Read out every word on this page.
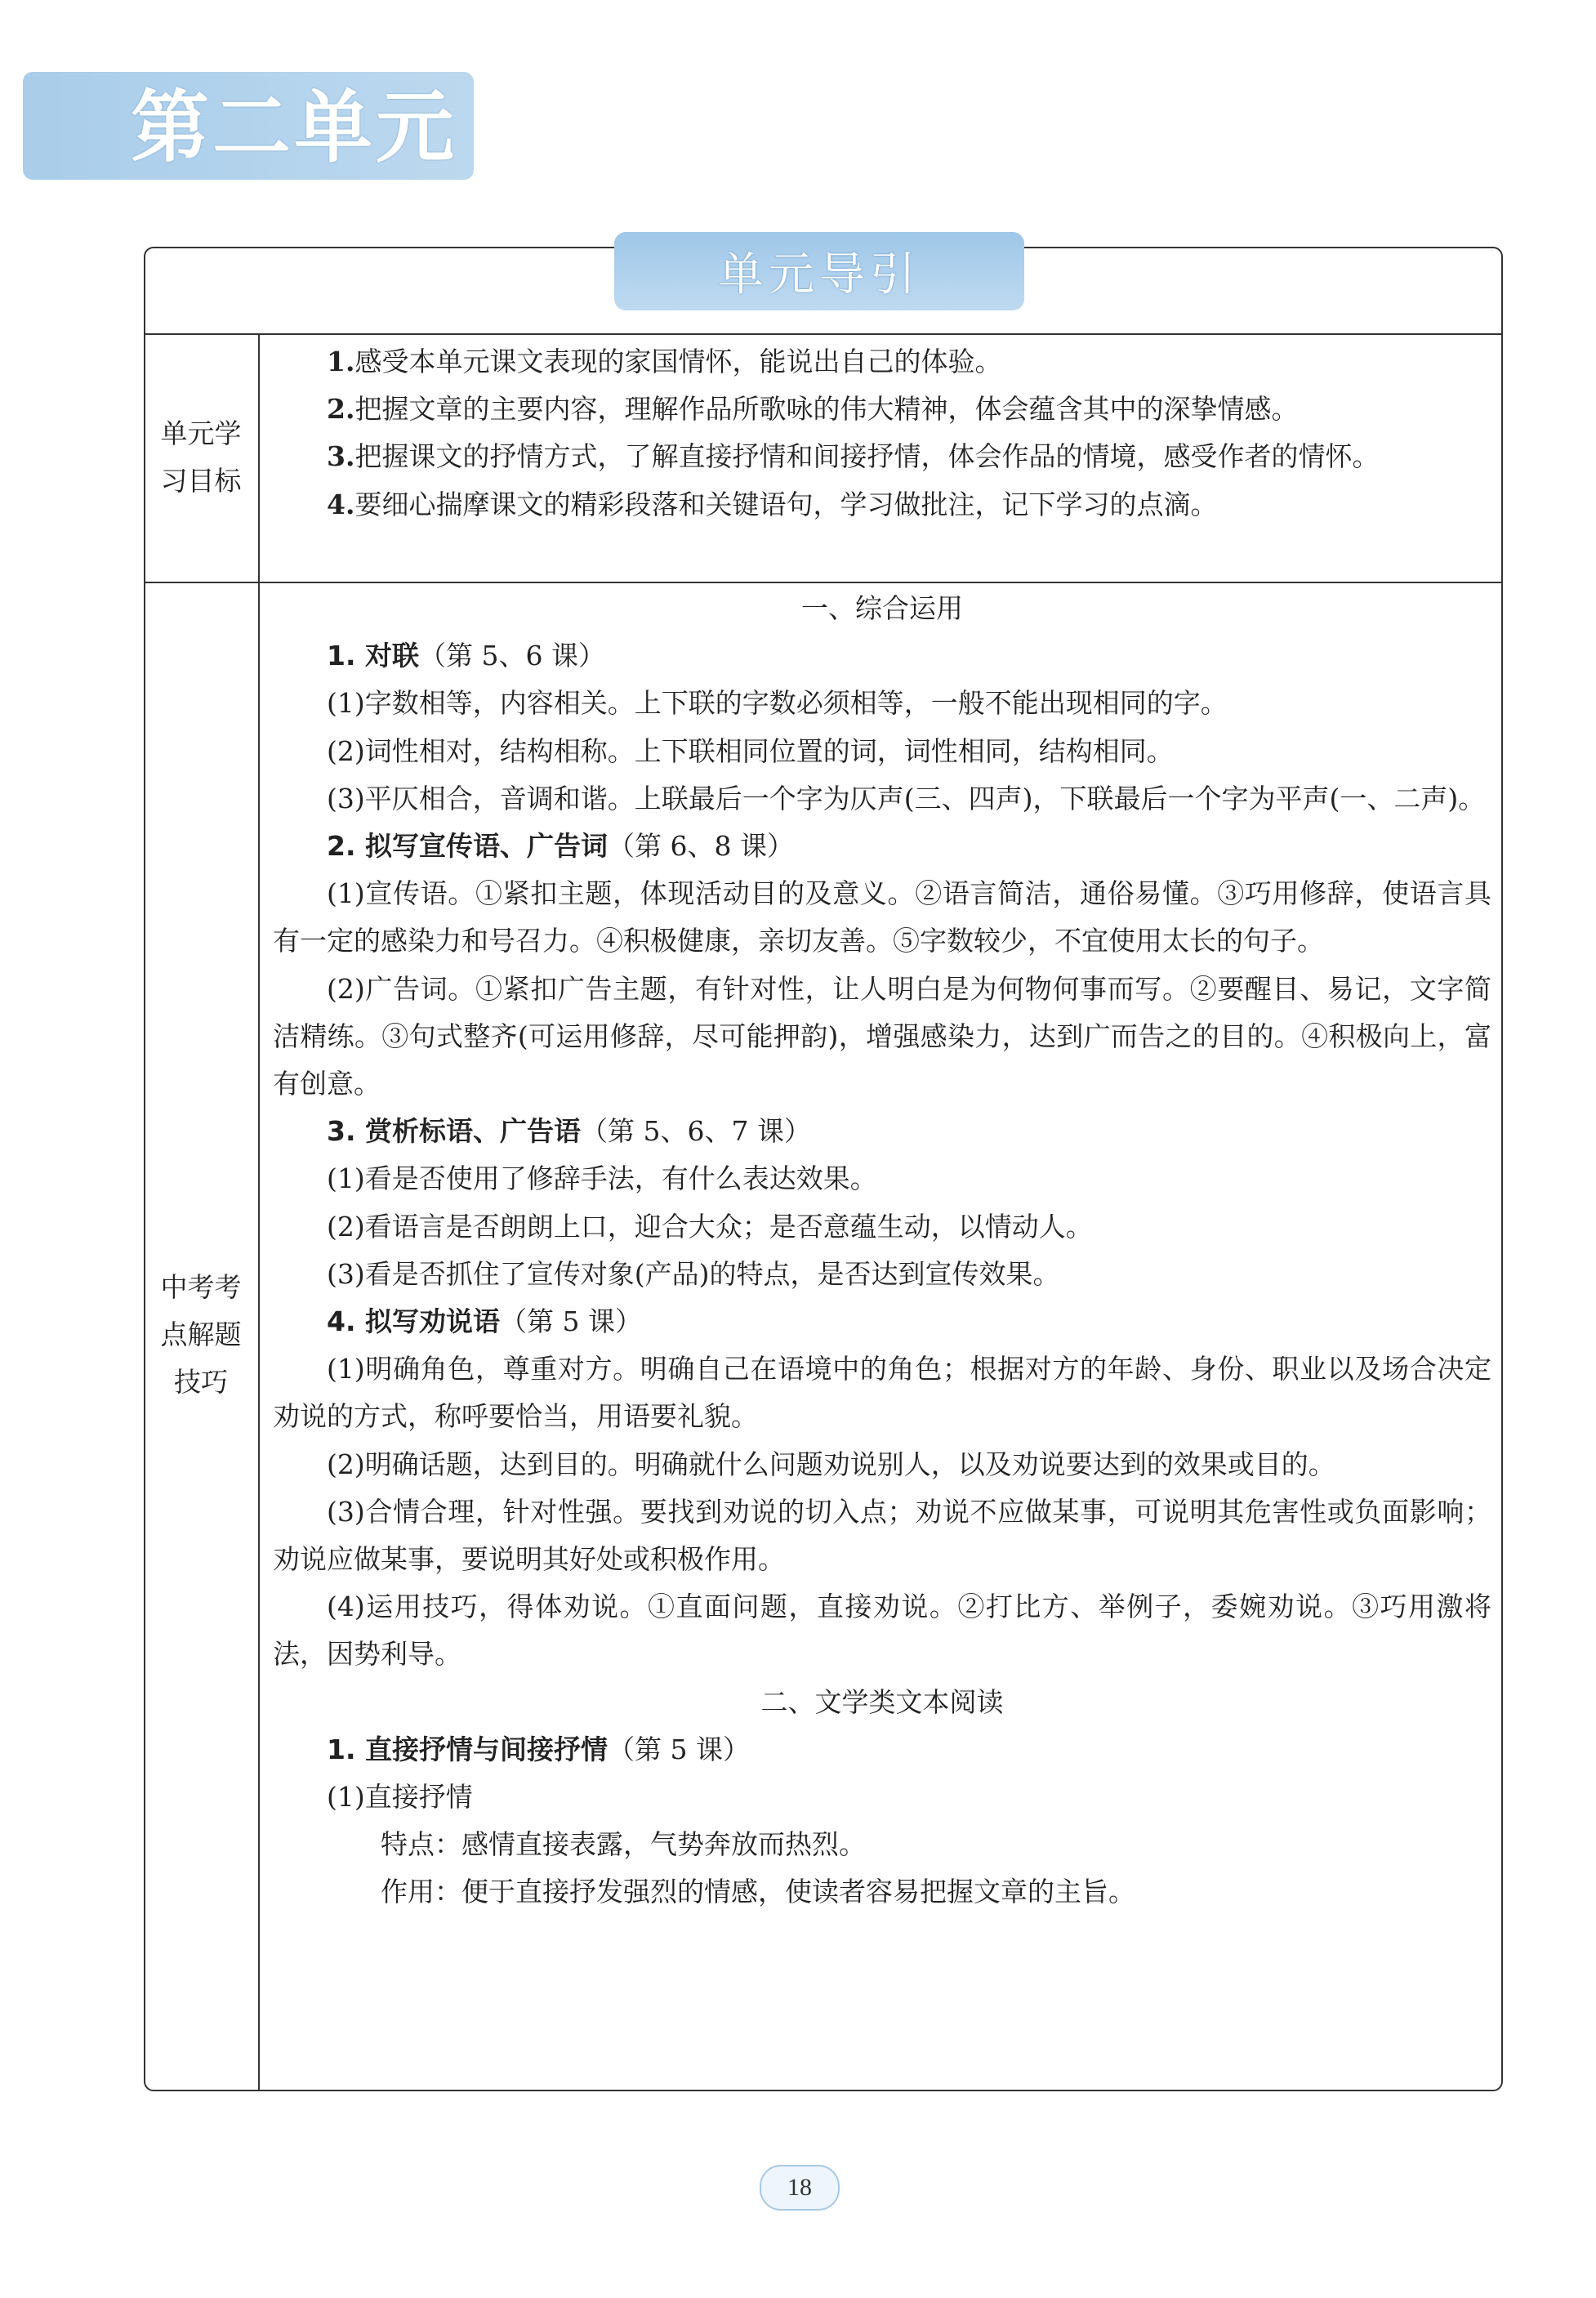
第二单元
单元导引
单元学
习目标

1.感受本单元课文表现的家国情怀，能说出自己的体验。

2.把握文章的主要内容，理解作品所歌咏的伟大精神，体会蕴含其中的深挚情感。

3.把握课文的抒情方式，了解直接抒情和间接抒情，体会作品的情境，感受作者的情怀。

4.要细心揣摩课文的精彩段落和关键语句，学习做批注，记下学习的点滴。

中考考
点解题
技巧

一、综合运用

1. 对联（第 5、6 课）

(1)字数相等，内容相关。上下联的字数必须相等，一般不能出现相同的字。

(2)词性相对，结构相称。上下联相同位置的词，词性相同，结构相同。

(3)平仄相合，音调和谐。上联最后一个字为仄声(三、四声)，下联最后一个字为平声(一、二声)。

2. 拟写宣传语、广告词（第 6、8 课）

(1)宣传语。①紧扣主题，体现活动目的及意义。②语言简洁，通俗易懂。③巧用修辞，使语言具有一定的感染力和号召力。④积极健康，亲切友善。⑤字数较少，不宜使用太长的句子。

(2)广告词。①紧扣广告主题，有针对性，让人明白是为何物何事而写。②要醒目、易记，文字简洁精练。③句式整齐(可运用修辞，尽可能押韵)，增强感染力，达到广而告之的目的。④积极向上，富有创意。

3. 赏析标语、广告语（第 5、6、7 课）

(1)看是否使用了修辞手法，有什么表达效果。

(2)看语言是否朗朗上口，迎合大众；是否意蕴生动，以情动人。

(3)看是否抓住了宣传对象(产品)的特点，是否达到宣传效果。

4. 拟写劝说语（第 5 课）

(1)明确角色，尊重对方。明确自己在语境中的角色；根据对方的年龄、身份、职业以及场合决定劝说的方式，称呼要恰当，用语要礼貌。

(2)明确话题，达到目的。明确就什么问题劝说别人，以及劝说要达到的效果或目的。

(3)合情合理，针对性强。要找到劝说的切入点；劝说不应做某事，可说明其危害性或负面影响；劝说应做某事，要说明其好处或积极作用。

(4)运用技巧，得体劝说。①直面问题，直接劝说。②打比方、举例子，委婉劝说。③巧用激将法，因势利导。

二、文学类文本阅读

1. 直接抒情与间接抒情（第 5 课）

(1)直接抒情

特点：感情直接表露，气势奔放而热烈。

作用：便于直接抒发强烈的情感，使读者容易把握文章的主旨。

18
